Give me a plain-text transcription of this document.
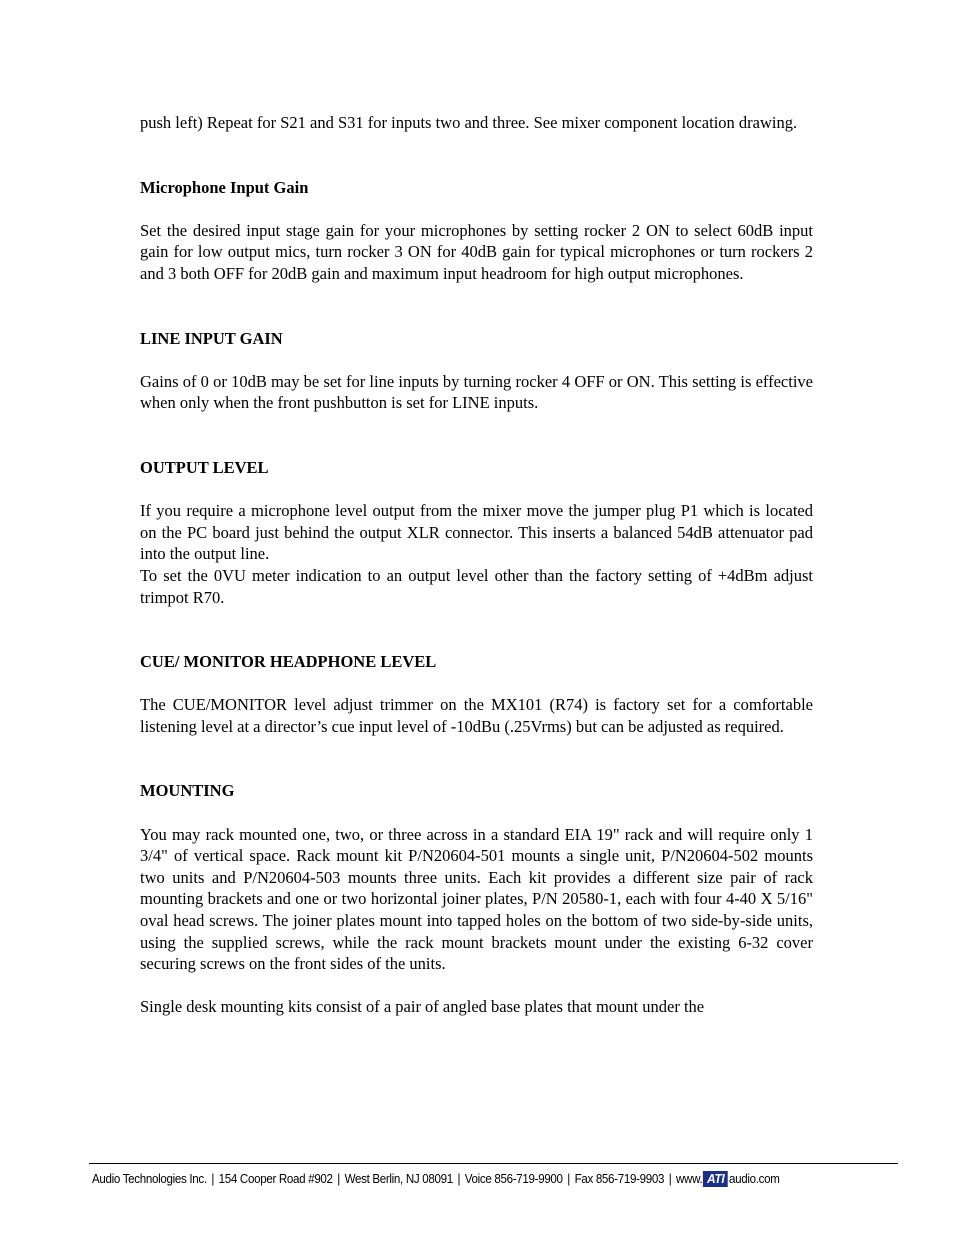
push left) Repeat for S21 and S31 for inputs two and three. See mixer component location drawing.

Microphone Input Gain

Set the desired input stage gain for your microphones by setting rocker 2 ON to select 60dB input gain for low output mics, turn rocker 3 ON for 40dB gain for typical microphones or turn rockers 2 and 3 both OFF for 20dB gain and maximum input headroom for high output microphones.

LINE INPUT GAIN

Gains of 0 or 10dB may be set for line inputs by turning rocker 4 OFF or ON. This setting is effective when only when the front pushbutton is set for LINE inputs.

OUTPUT LEVEL

If you require a microphone level output from the mixer move the jumper plug P1 which is located on the PC board just behind the output XLR connector. This inserts a balanced 54dB attenuator pad into the output line.

To set the 0VU meter indication to an output level other than the factory setting of +4dBm adjust trimpot R70.

CUE/ MONITOR HEADPHONE LEVEL

The CUE/MONITOR level adjust trimmer on the MX101 (R74) is factory set for a comfortable listening level at a director’s cue input level of -10dBu (.25Vrms) but can be adjusted as required.

MOUNTING

You may rack mounted one, two, or three across in a standard EIA 19" rack and will require only 1 3/4" of vertical space. Rack mount kit P/N20604-501 mounts a single unit, P/N20604-502 mounts two units and P/N20604-503 mounts three units. Each kit provides a different size pair of rack mounting brackets and one or two horizontal joiner plates, P/N 20580-1, each with four 4-40 X 5/16" oval head screws. The joiner plates mount into tapped holes on the bottom of two side-by-side units, using the supplied screws, while the rack mount brackets mount under the existing 6-32 cover securing screws on the front sides of the units.

Single desk mounting kits consist of a pair of angled base plates that mount under the

Audio Technologies Inc. | 154 Cooper Road #902 | West Berlin, NJ 08091 | Voice 856-719-9900 | Fax 856-719-9903 | www. ATI audio.com
